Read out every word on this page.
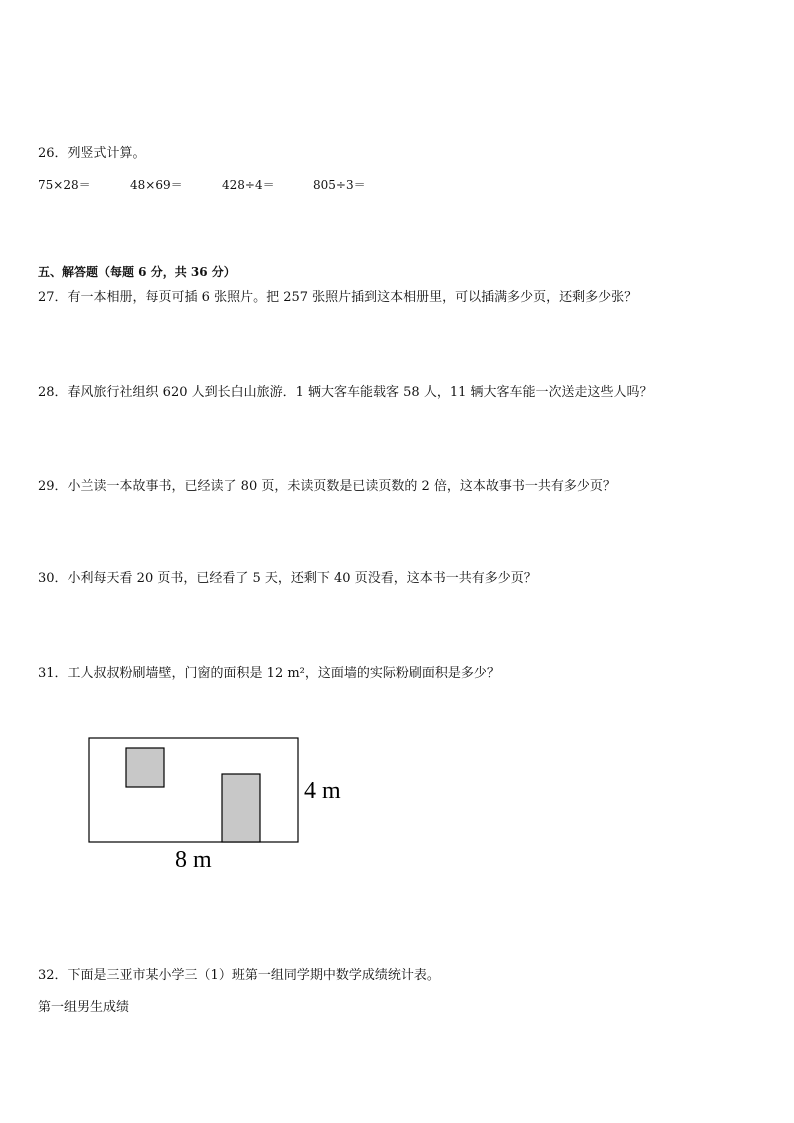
26．列竖式计算。
75×28＝	48×69＝	428÷4＝	805÷3＝
五、解答题（每题 6 分，共 36 分）
27．有一本相册，每页可插 6 张照片。把 257 张照片插到这本相册里，可以插满多少页，还剩多少张？
28．春风旅行社组织 620 人到长白山旅游．1 辆大客车能载客 58 人，11 辆大客车能一次送走这些人吗？
29．小兰读一本故事书，已经读了 80 页，未读页数是已读页数的 2 倍，这本故事书一共有多少页？
30．小利每天看 20 页书，已经看了 5 天，还剩下 40 页没看，这本书一共有多少页？
31．工人叔叔粉刷墙壁，门窗的面积是 12 m²，这面墙的实际粉刷面积是多少？
4 m
8 m
32．下面是三亚市某小学三（1）班第一组同学期中数学成绩统计表。
第一组男生成绩
